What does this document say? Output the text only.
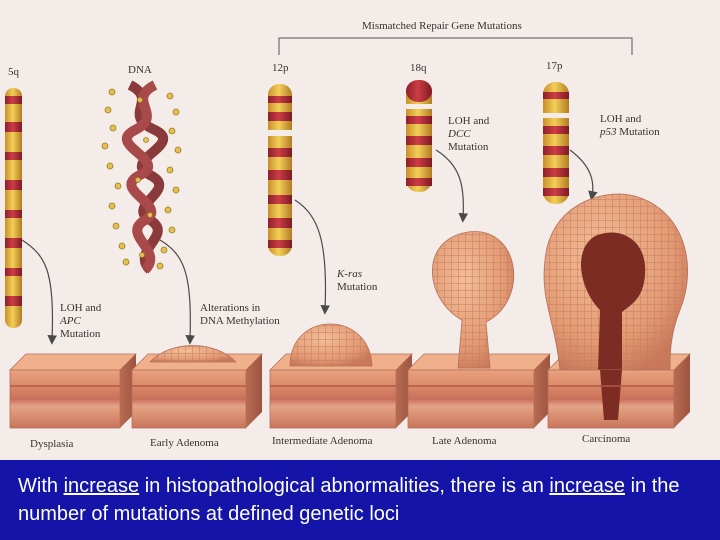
Mismatched Repair Gene Mutations
5q	DNA	12p	18q	17p
LOH and
APC
Mutation
Alterations in
DNA Methylation
K-ras
Mutation
LOH and
DCC
Mutation
LOH and
p53 Mutation
Dysplasia	Early Adenoma	Intermediate Adenoma	Late Adenoma	Carcinoma

With increase in histopathological abnormalities, there is an increase in the number of mutations at defined genetic loci
